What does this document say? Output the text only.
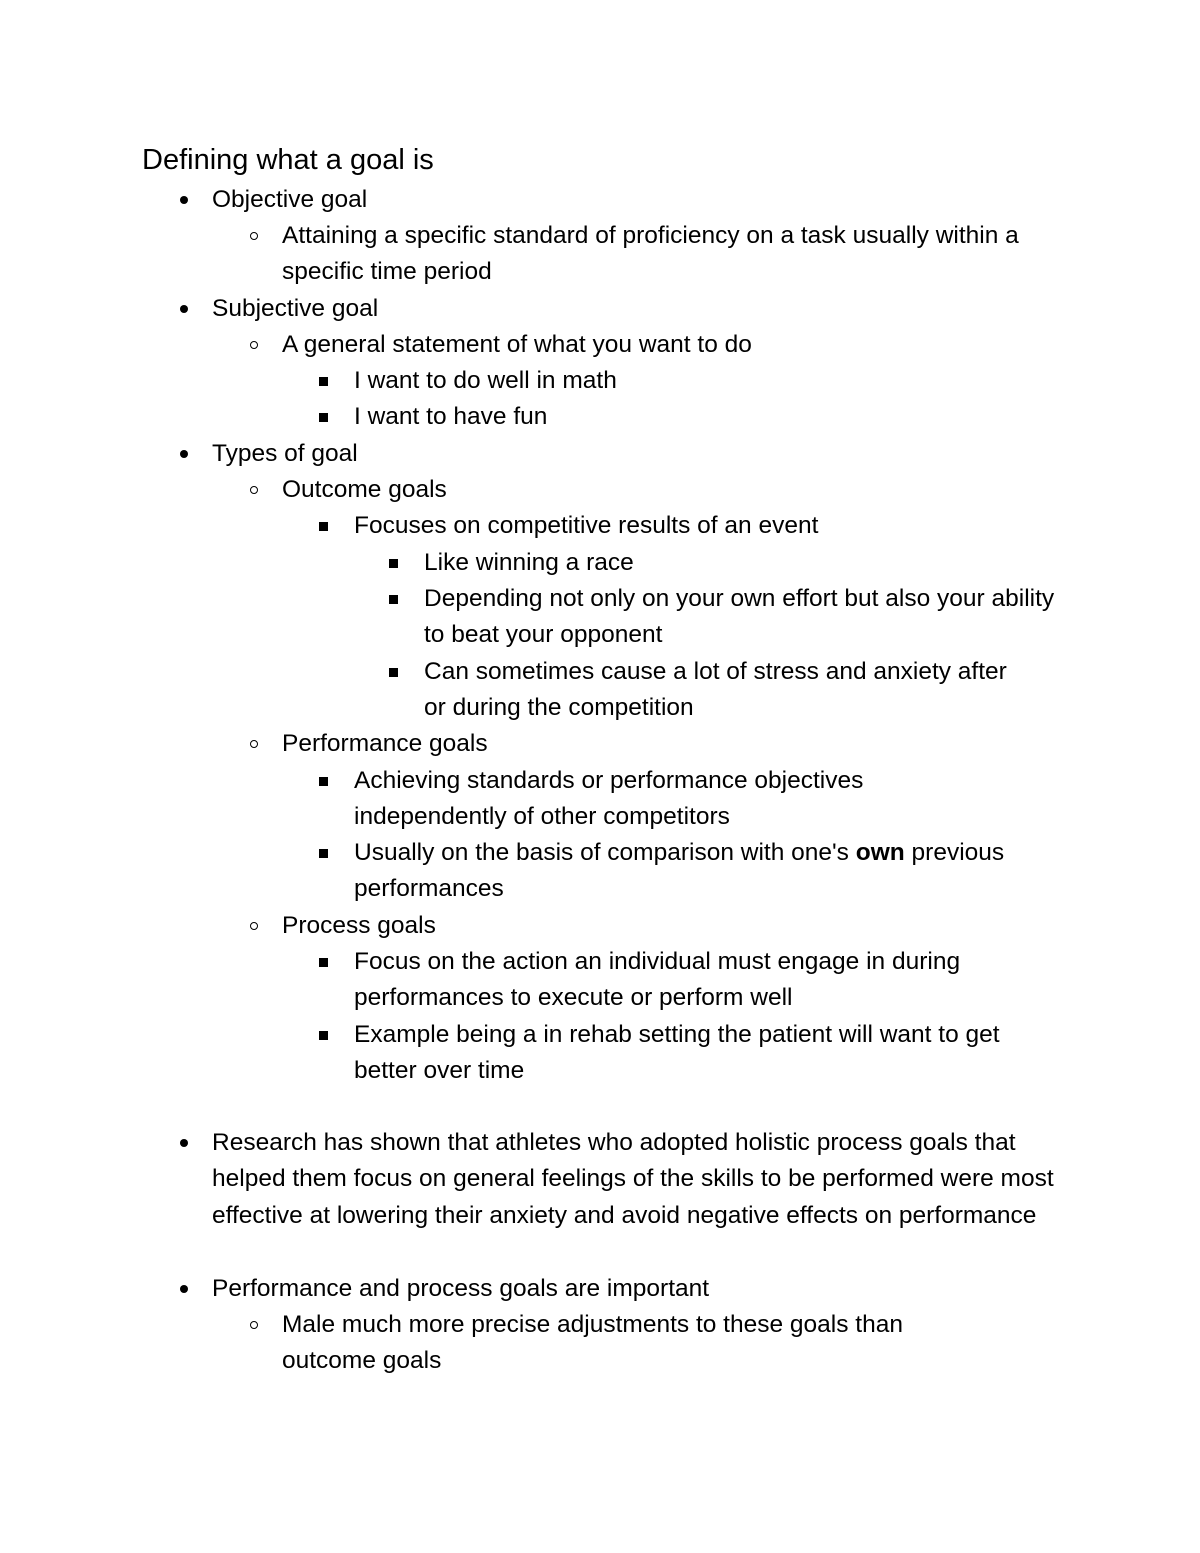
Defining what a goal is
Objective goal
Attaining a specific standard of proficiency on a task usually within a specific time period
Subjective goal
A general statement of what you want to do
I want to do well in math
I want to have fun
Types of goal
Outcome goals
Focuses on competitive results of an event
Like winning a race
Depending not only on your own effort but also your ability to beat your opponent
Can sometimes cause a lot of stress and anxiety after or during the competition
Performance goals
Achieving standards or performance objectives independently of other competitors
Usually on the basis of comparison with one's own previous performances
Process goals
Focus on the action an individual must engage in during performances to execute or perform well
Example being a in rehab setting the patient will want to get better over time
Research has shown that athletes who adopted holistic process goals that helped them focus on general feelings of the skills to be performed were most effective at lowering their anxiety and avoid negative effects on performance
Performance and process goals are important
Male much more precise adjustments to these goals than outcome goals
